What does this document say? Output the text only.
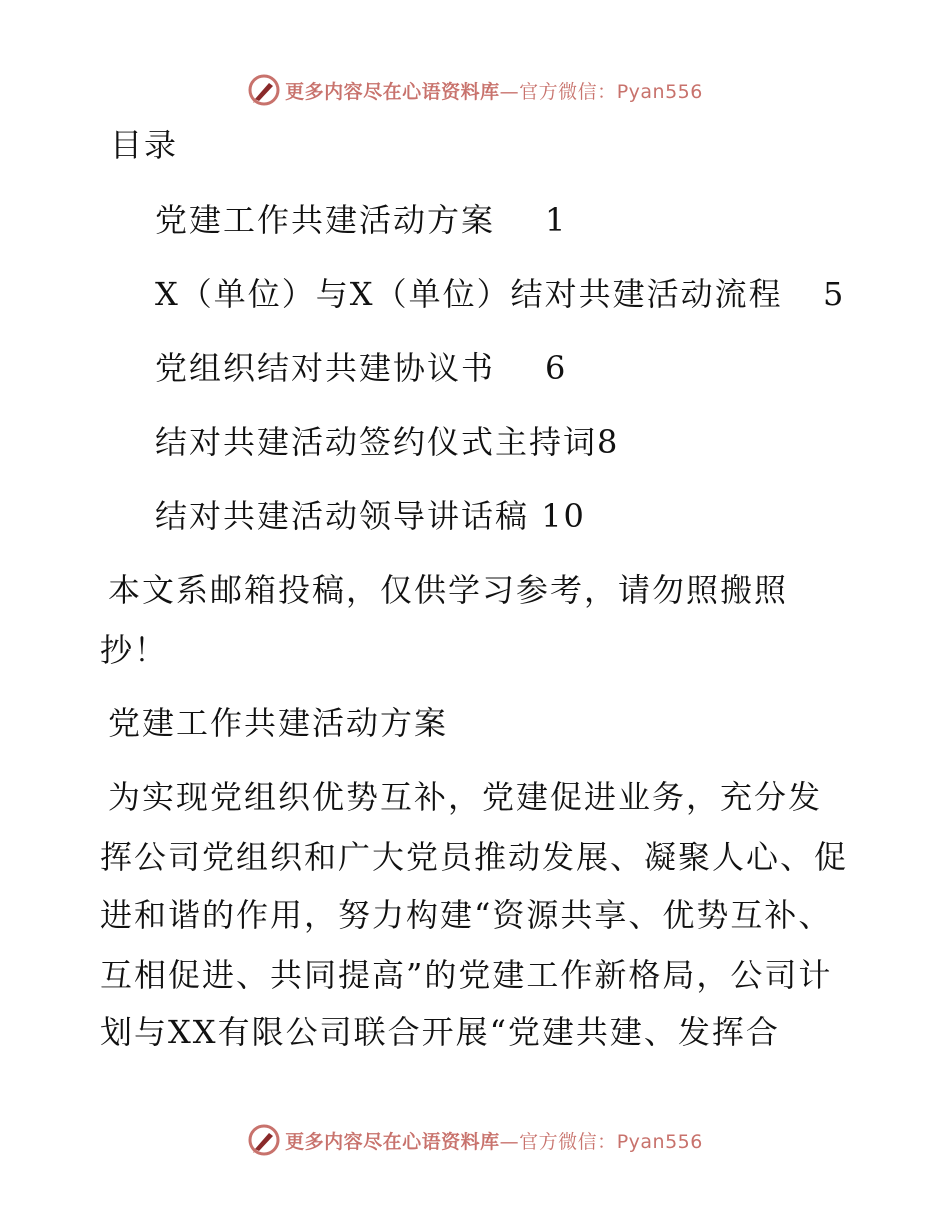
更多内容尽在心语资料库—官方微信：Pyan556
目录
党建工作共建活动方案 1
X（单位）与X（单位）结对共建活动流程 5
党组织结对共建协议书 6
结对共建活动签约仪式主持词8
结对共建活动领导讲话稿 10
本文系邮箱投稿，仅供学习参考，请勿照搬照
抄！
党建工作共建活动方案
为实现党组织优势互补，党建促进业务，充分发
挥公司党组织和广大党员推动发展、凝聚人心、促
进和谐的作用，努力构建“资源共享、优势互补、
互相促进、共同提高”的党建工作新格局，公司计
划与XX有限公司联合开展“党建共建、发挥合
更多内容尽在心语资料库—官方微信：Pyan556
